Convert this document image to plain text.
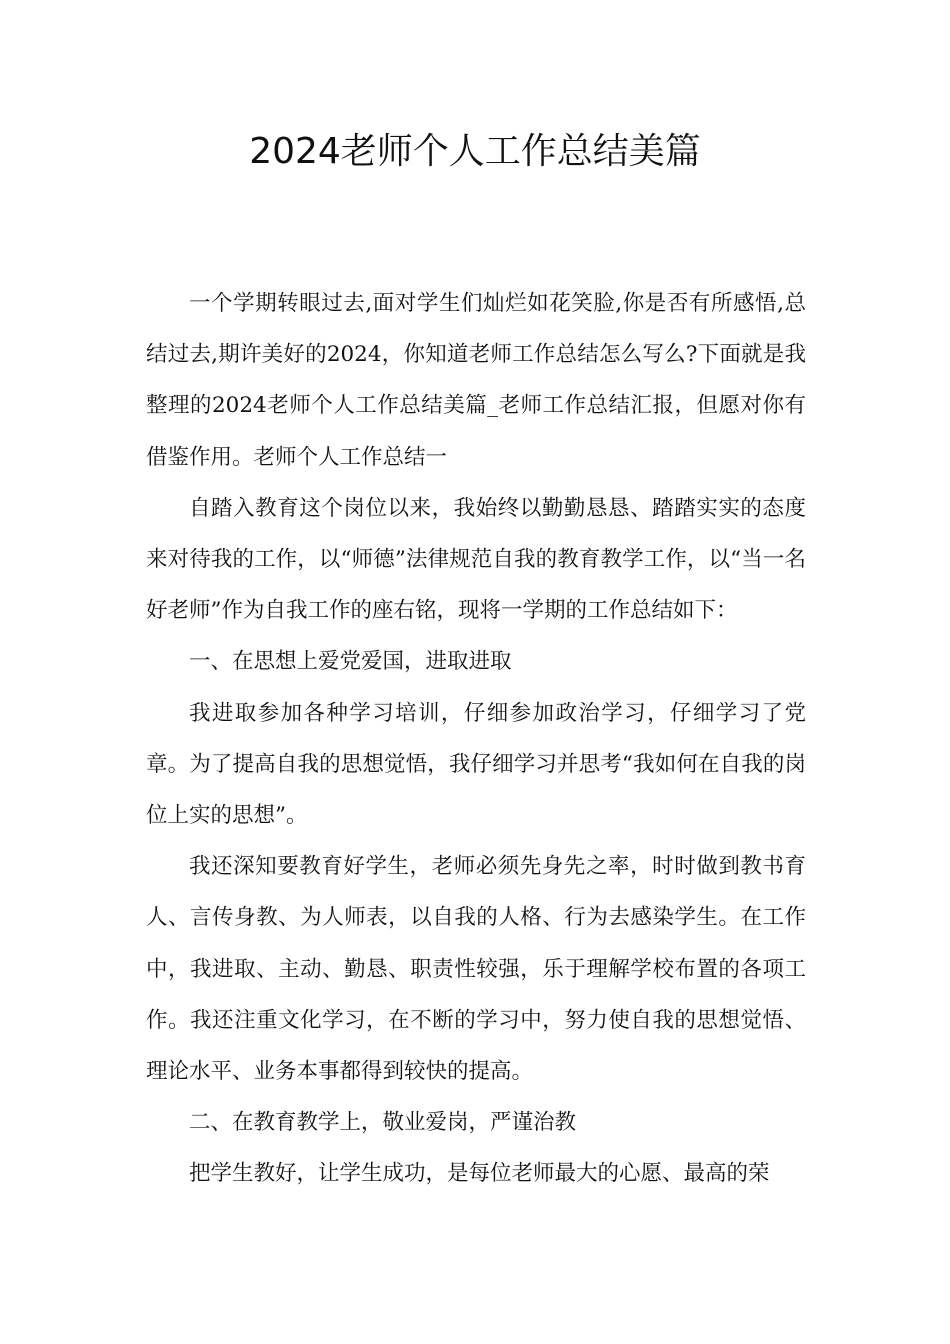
2024老师个人工作总结美篇

一个学期转眼过去,面对学生们灿烂如花笑脸,你是否有所感悟,总结过去,期许美好的2024，你知道老师工作总结怎么写么?下面就是我整理的2024老师个人工作总结美篇_老师工作总结汇报，但愿对你有借鉴作用。老师个人工作总结一

自踏入教育这个岗位以来，我始终以勤勤恳恳、踏踏实实的态度来对待我的工作，以“师德”法律规范自我的教育教学工作，以“当一名好老师”作为自我工作的座右铭，现将一学期的工作总结如下：

一、在思想上爱党爱国，进取进取

我进取参加各种学习培训，仔细参加政治学习，仔细学习了党章。为了提高自我的思想觉悟，我仔细学习并思考“我如何在自我的岗位上实的思想”。

我还深知要教育好学生，老师必须先身先之率，时时做到教书育人、言传身教、为人师表，以自我的人格、行为去感染学生。在工作中，我进取、主动、勤恳、职责性较强，乐于理解学校布置的各项工作。我还注重文化学习，在不断的学习中，努力使自我的思想觉悟、理论水平、业务本事都得到较快的提高。

二、在教育教学上，敬业爱岗，严谨治教

把学生教好，让学生成功，是每位老师最大的心愿、最高的荣
